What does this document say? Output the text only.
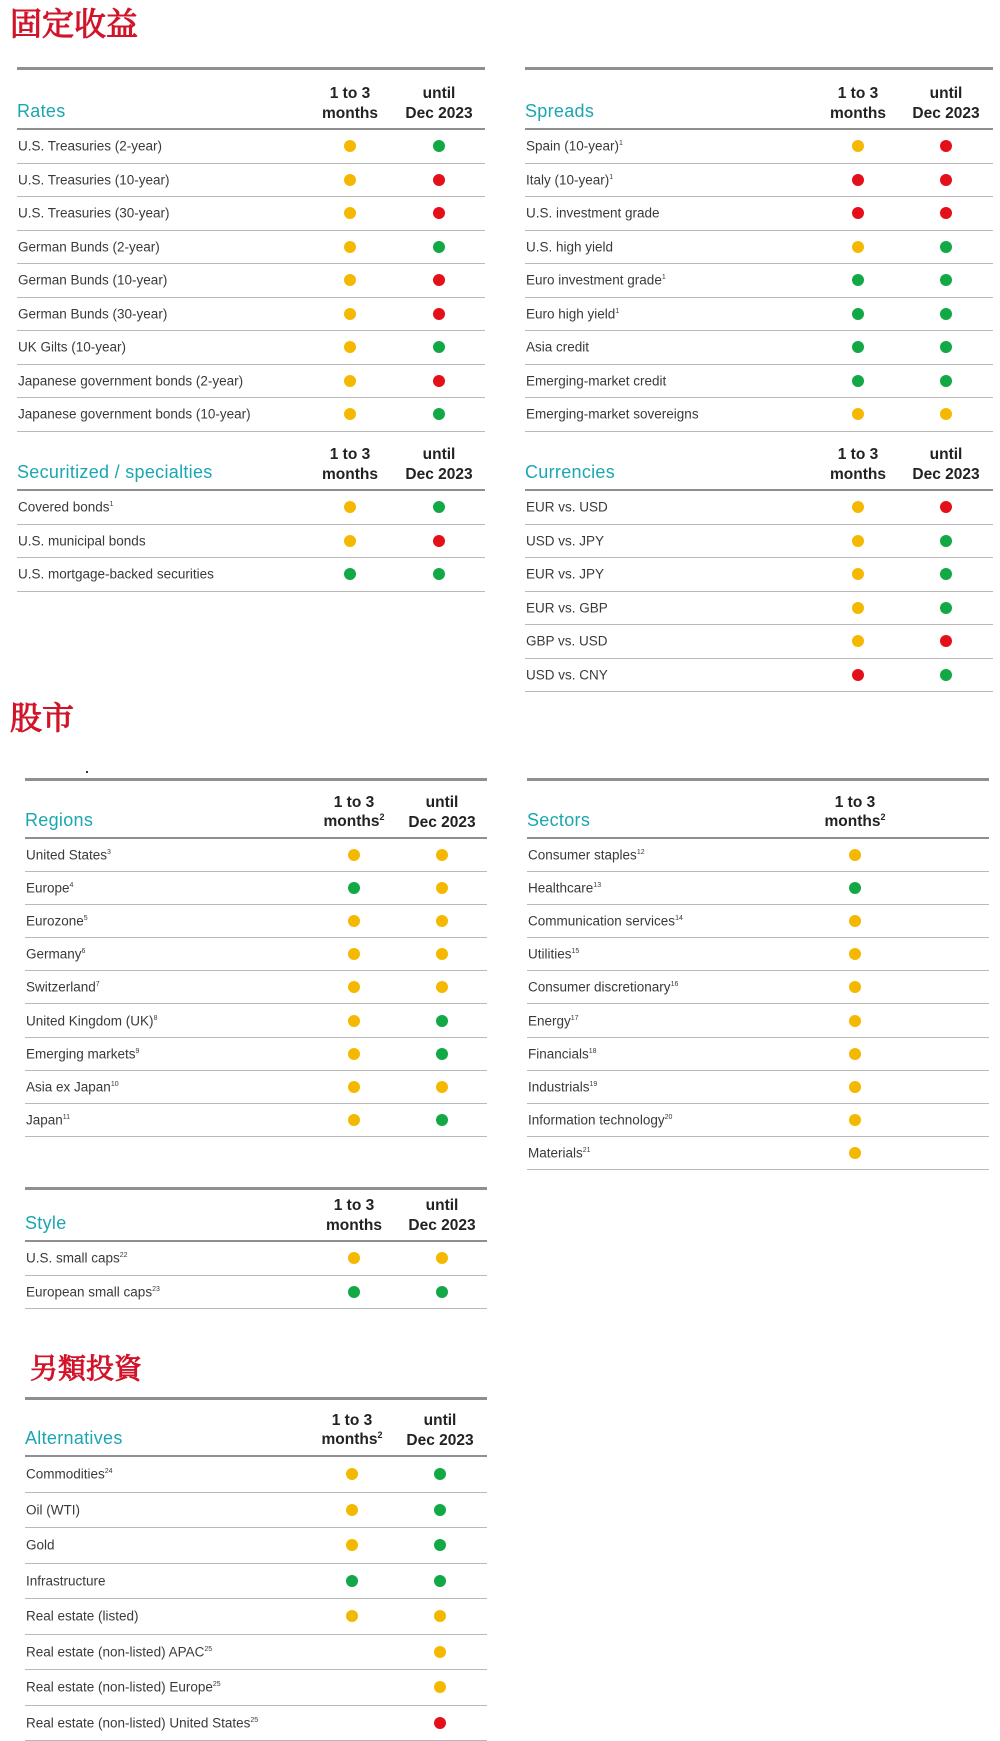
固定收益
股市
另類投資
Rates
1 to 3
months
until
Dec 2023
U.S. Treasuries (2-year)
U.S. Treasuries (10-year)
U.S. Treasuries (30-year)
German Bunds (2-year)
German Bunds (10-year)
German Bunds (30-year)
UK Gilts (10-year)
Japanese government bonds (2-year)
Japanese government bonds (10-year)
Spreads
1 to 3
months
until
Dec 2023
Spain (10-year)$^1$
Italy (10-year)$^1$
U.S. investment grade
U.S. high yield
Euro investment grade$^1$
Euro high yield$^1$
Asia credit
Emerging-market credit
Emerging-market sovereigns
Securitized / specialties
1 to 3
months
until
Dec 2023
Covered bonds$^1$
U.S. municipal bonds
U.S. mortgage-backed securities
Currencies
1 to 3
months
until
Dec 2023
EUR vs. USD
USD vs. JPY
EUR vs. JPY
EUR vs. GBP
GBP vs. USD
USD vs. CNY
Regions
1 to 3
months$^2$
until
Dec 2023
United States$^3$
Europe$^4$
Eurozone$^5$
Germany$^6$
Switzerland$^7$
United Kingdom (UK)$^8$
Emerging markets$^9$
Asia ex Japan$^{10}$
Japan$^{11}$
Sectors
1 to 3
months$^2$
Consumer staples$^{12}$
Healthcare$^{13}$
Communication services$^{14}$
Utilities$^{15}$
Consumer discretionary$^{16}$
Energy$^{17}$
Financials$^{18}$
Industrials$^{19}$
Information technology$^{20}$
Materials$^{21}$
Style
1 to 3
months
until
Dec 2023
U.S. small caps$^{22}$
European small caps$^{23}$
Alternatives
1 to 3
months$^2$
until
Dec 2023
Commodities$^{24}$
Oil (WTI)
Gold
Infrastructure
Real estate (listed)
Real estate (non-listed) APAC$^{25}$
Real estate (non-listed) Europe$^{25}$
Real estate (non-listed) United States$^{25}$
